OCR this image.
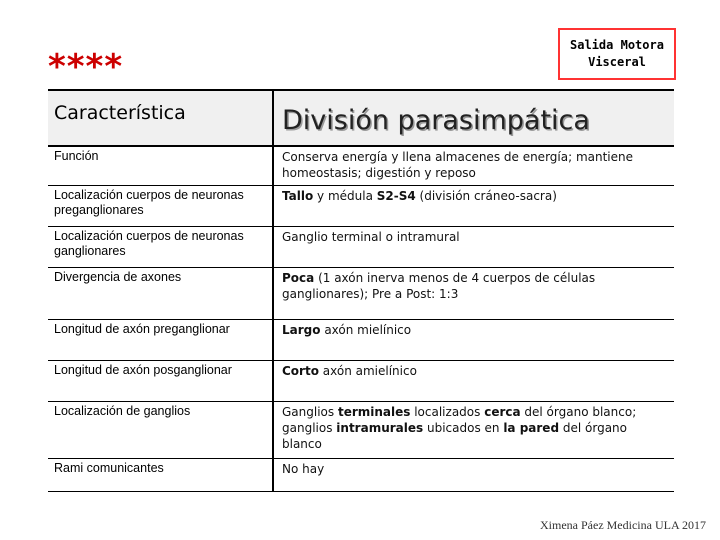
****
Salida Motora
Visceral
Característica	División parasimpática
Función	Conserva energía y llena almacenes de energía; mantiene homeostasis; digestión y reposo
Localización cuerpos de neuronas preganglionares	Tallo y médula S2-S4 (división cráneo-sacra)
Localización cuerpos de neuronas ganglionares	Ganglio terminal o intramural
Divergencia de axones	Poca (1 axón inerva menos de 4 cuerpos de células ganglionares); Pre a Post: 1:3
Longitud de axón preganglionar	Largo axón mielínico
Longitud de axón posganglionar	Corto axón amielínico
Localización de ganglios	Ganglios terminales localizados cerca del órgano blanco; ganglios intramurales ubicados en la pared del órgano blanco
Rami comunicantes	No hay
Ximena Páez Medicina ULA 2017
